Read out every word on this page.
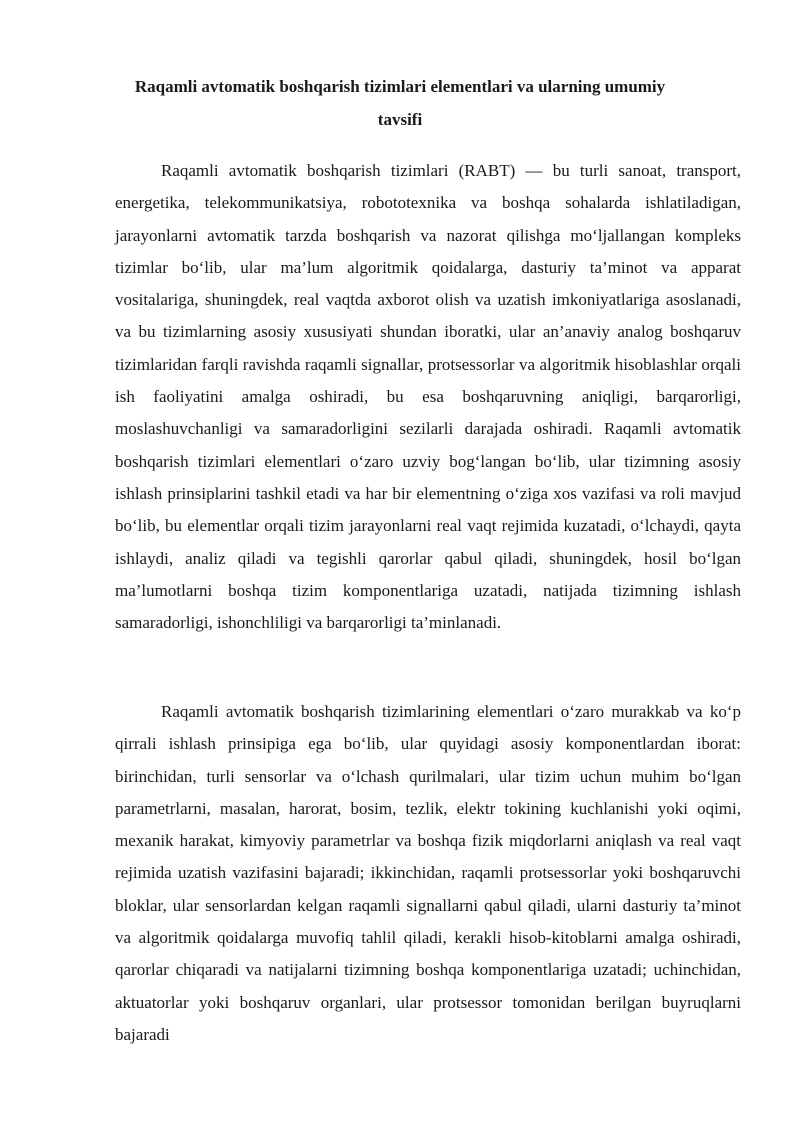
Raqamli avtomatik boshqarish tizimlari elementlari va ularning umumiy tavsifi

Raqamli avtomatik boshqarish tizimlari (RABT) — bu turli sanoat, transport, energetika, telekommunikatsiya, robototexnika va boshqa sohalarda ishlatiladigan, jarayonlarni avtomatik tarzda boshqarish va nazorat qilishga mo‘ljallangan kompleks tizimlar bo‘lib, ular ma’lum algoritmik qoidalarga, dasturiy ta’minot va apparat vositalariga, shuningdek, real vaqtda axborot olish va uzatish imkoniyatlariga asoslanadi, va bu tizimlarning asosiy xususiyati shundan iboratki, ular an’anaviy analog boshqaruv tizimlaridan farqli ravishda raqamli signallar, protsessorlar va algoritmik hisoblashlar orqali ish faoliyatini amalga oshiradi, bu esa boshqaruvning aniqligi, barqarorligi, moslashuvchanligi va samaradorligini sezilarli darajada oshiradi. Raqamli avtomatik boshqarish tizimlari elementlari o‘zaro uzviy bog‘langan bo‘lib, ular tizimning asosiy ishlash prinsiplarini tashkil etadi va har bir elementning o‘ziga xos vazifasi va roli mavjud bo‘lib, bu elementlar orqali tizim jarayonlarni real vaqt rejimida kuzatadi, o‘lchaydi, qayta ishlaydi, analiz qiladi va tegishli qarorlar qabul qiladi, shuningdek, hosil bo‘lgan ma’lumotlarni boshqa tizim komponentlariga uzatadi, natijada tizimning ishlash samaradorligi, ishonchliligi va barqarorligi ta’minlanadi.

Raqamli avtomatik boshqarish tizimlarining elementlari o‘zaro murakkab va ko‘p qirrali ishlash prinsipiga ega bo‘lib, ular quyidagi asosiy komponentlardan iborat: birinchidan, turli sensorlar va o‘lchash qurilmalari, ular tizim uchun muhim bo‘lgan parametrlarni, masalan, harorat, bosim, tezlik, elektr tokining kuchlanishi yoki oqimi, mexanik harakat, kimyoviy parametrlar va boshqa fizik miqdorlarni aniqlash va real vaqt rejimida uzatish vazifasini bajaradi; ikkinchidan, raqamli protsessorlar yoki boshqaruvchi bloklar, ular sensorlardan kelgan raqamli signallarni qabul qiladi, ularni dasturiy ta’minot va algoritmik qoidalarga muvofiq tahlil qiladi, kerakli hisob-kitoblarni amalga oshiradi, qarorlar chiqaradi va natijalarni tizimning boshqa komponentlariga uzatadi; uchinchidan, aktuatorlar yoki boshqaruv organlari, ular protsessor tomonidan berilgan buyruqlarni bajaradi
